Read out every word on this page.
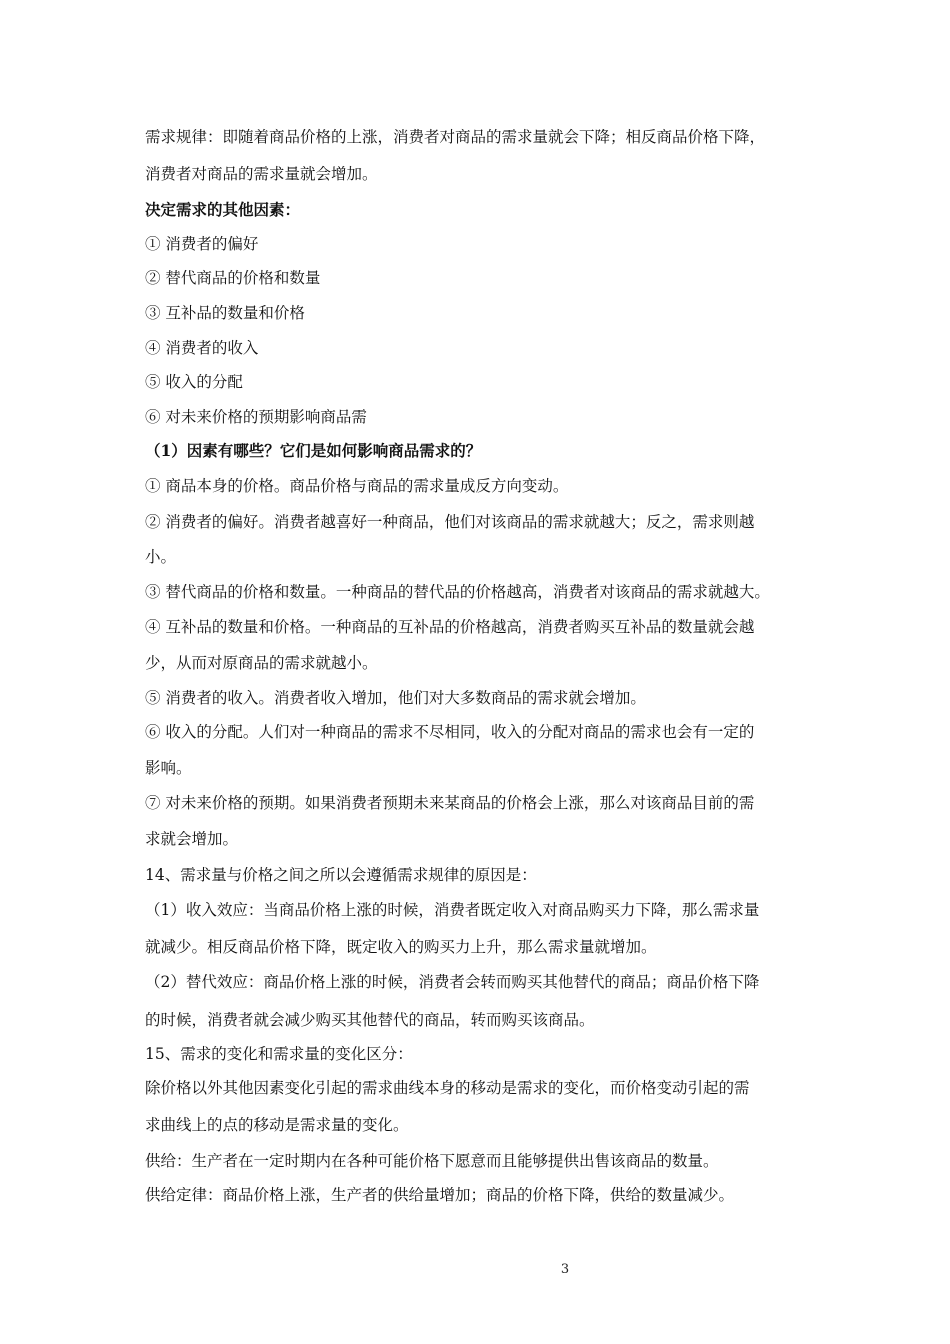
需求规律：即随着商品价格的上涨，消费者对商品的需求量就会下降；相反商品价格下降，
消费者对商品的需求量就会增加。
决定需求的其他因素：
① 消费者的偏好
② 替代商品的价格和数量
③ 互补品的数量和价格
④ 消费者的收入
⑤ 收入的分配
⑥ 对未来价格的预期影响商品需
（1）因素有哪些？它们是如何影响商品需求的？
① 商品本身的价格。商品价格与商品的需求量成反方向变动。
② 消费者的偏好。消费者越喜好一种商品，他们对该商品的需求就越大；反之，需求则越
小。
③ 替代商品的价格和数量。一种商品的替代品的价格越高，消费者对该商品的需求就越大。
④ 互补品的数量和价格。一种商品的互补品的价格越高，消费者购买互补品的数量就会越
少，从而对原商品的需求就越小。
⑤ 消费者的收入。消费者收入增加，他们对大多数商品的需求就会增加。
⑥ 收入的分配。人们对一种商品的需求不尽相同，收入的分配对商品的需求也会有一定的
影响。
⑦ 对未来价格的预期。如果消费者预期未来某商品的价格会上涨，那么对该商品目前的需
求就会增加。
14、需求量与价格之间之所以会遵循需求规律的原因是：
（1）收入效应：当商品价格上涨的时候，消费者既定收入对商品购买力下降，那么需求量
就减少。相反商品价格下降，既定收入的购买力上升，那么需求量就增加。
（2）替代效应：商品价格上涨的时候，消费者会转而购买其他替代的商品；商品价格下降
的时候，消费者就会减少购买其他替代的商品，转而购买该商品。
15、需求的变化和需求量的变化区分：
除价格以外其他因素变化引起的需求曲线本身的移动是需求的变化，而价格变动引起的需
求曲线上的点的移动是需求量的变化。
供给：生产者在一定时期内在各种可能价格下愿意而且能够提供出售该商品的数量。
供给定律：商品价格上涨，生产者的供给量增加；商品的价格下降，供给的数量减少。
3
